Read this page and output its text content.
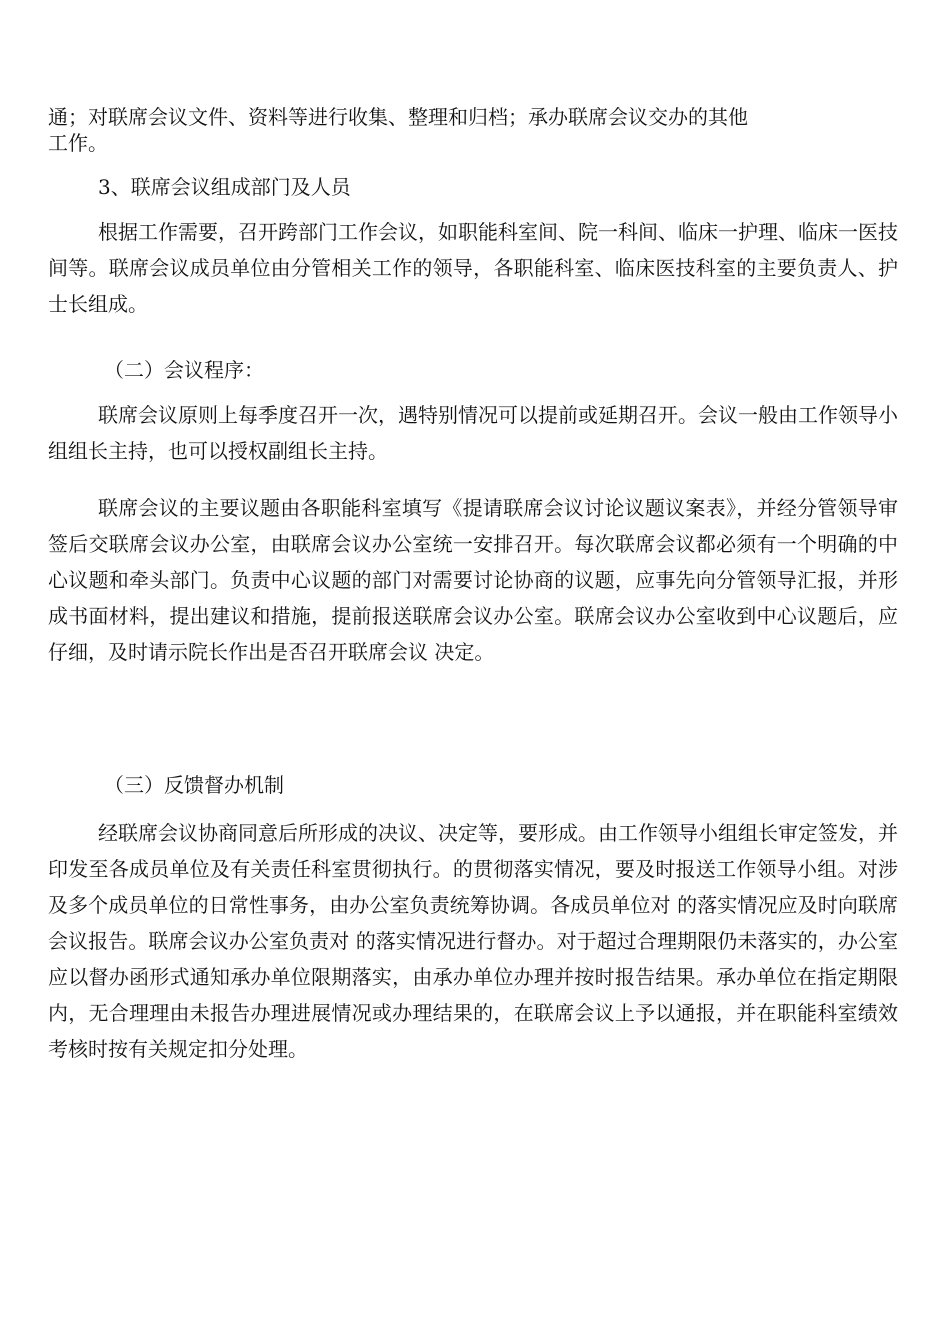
通；对联席会议文件、资料等进行收集、整理和归档；承办联席会议交办的其他
工作。

3、联席会议组成部门及人员

根据工作需要，召开跨部门工作会议，如职能科室间、院一科间、临床一护理、临床一医技间等。联席会议成员单位由分管相关工作的领导，各职能科室、临床医技科室的主要负责人、护士长组成。

（二）会议程序：

联席会议原则上每季度召开一次，遇特别情况可以提前或延期召开。会议一般由工作领导小组组长主持，也可以授权副组长主持。

联席会议的主要议题由各职能科室填写《提请联席会议讨论议题议案表》，并经分管领导审签后交联席会议办公室，由联席会议办公室统一安排召开。每次联席会议都必须有一个明确的中心议题和牵头部门。负责中心议题的部门对需要讨论协商的议题，应事先向分管领导汇报，并形成书面材料，提出建议和措施，提前报送联席会议办公室。联席会议办公室收到中心议题后，应仔细，及时请示院长作出是否召开联席会议 决定。

（三）反馈督办机制

经联席会议协商同意后所形成的决议、决定等，要形成。由工作领导小组组长审定签发，并印发至各成员单位及有关责任科室贯彻执行。的贯彻落实情况，要及时报送工作领导小组。对涉及多个成员单位的日常性事务，由办公室负责统筹协调。各成员单位对 的落实情况应及时向联席会议报告。联席会议办公室负责对 的落实情况进行督办。对于超过合理期限仍未落实的，办公室应以督办函形式通知承办单位限期落实，由承办单位办理并按时报告结果。承办单位在指定期限内，无合理理由未报告办理进展情况或办理结果的，在联席会议上予以通报，并在职能科室绩效考核时按有关规定扣分处理。
